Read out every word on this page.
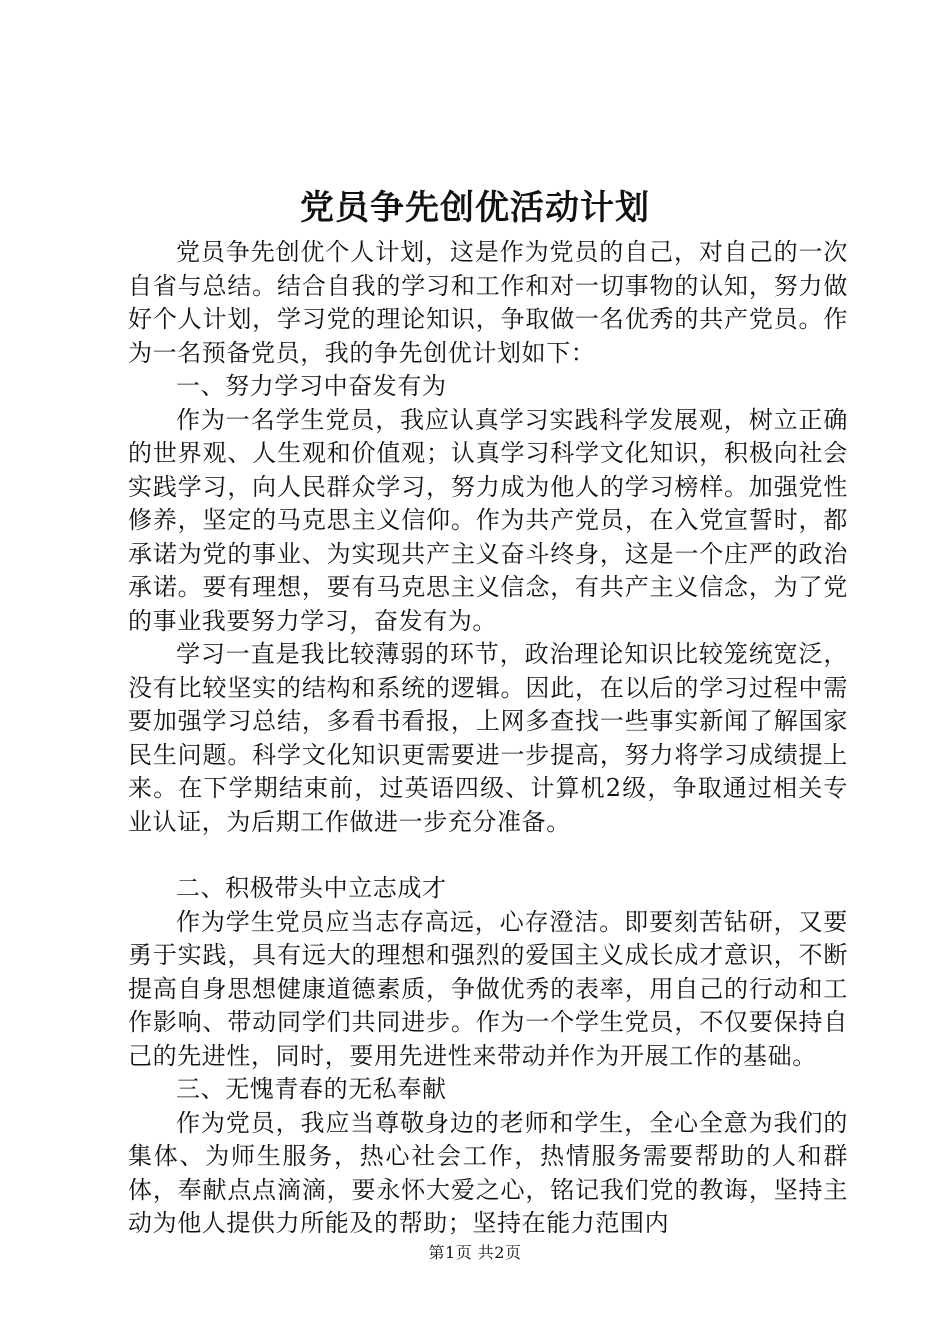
党员争先创优活动计划

党员争先创优个人计划，这是作为党员的自己，对自己的一次自省与总结。结合自我的学习和工作和对一切事物的认知，努力做好个人计划，学习党的理论知识，争取做一名优秀的共产党员。作为一名预备党员，我的争先创优计划如下：

一、努力学习中奋发有为

作为一名学生党员，我应认真学习实践科学发展观，树立正确的世界观、人生观和价值观；认真学习科学文化知识，积极向社会实践学习，向人民群众学习，努力成为他人的学习榜样。加强党性修养，坚定的马克思主义信仰。作为共产党员，在入党宣誓时，都承诺为党的事业、为实现共产主义奋斗终身，这是一个庄严的政治承诺。要有理想，要有马克思主义信念，有共产主义信念，为了党的事业我要努力学习，奋发有为。

学习一直是我比较薄弱的环节，政治理论知识比较笼统宽泛，没有比较坚实的结构和系统的逻辑。因此，在以后的学习过程中需要加强学习总结，多看书看报，上网多查找一些事实新闻了解国家民生问题。科学文化知识更需要进一步提高，努力将学习成绩提上来。在下学期结束前，过英语四级、计算机2级，争取通过相关专业认证，为后期工作做进一步充分准备。

二、积极带头中立志成才

作为学生党员应当志存高远，心存澄洁。即要刻苦钻研，又要勇于实践，具有远大的理想和强烈的爱国主义成长成才意识，不断提高自身思想健康道德素质，争做优秀的表率，用自己的行动和工作影响、带动同学们共同进步。作为一个学生党员，不仅要保持自己的先进性，同时，要用先进性来带动并作为开展工作的基础。

三、无愧青春的无私奉献

作为党员，我应当尊敬身边的老师和学生，全心全意为我们的集体、为师生服务，热心社会工作，热情服务需要帮助的人和群体，奉献点点滴滴，要永怀大爱之心，铭记我们党的教诲，坚持主动为他人提供力所能及的帮助；坚持在能力范围内

第1页 共2页
